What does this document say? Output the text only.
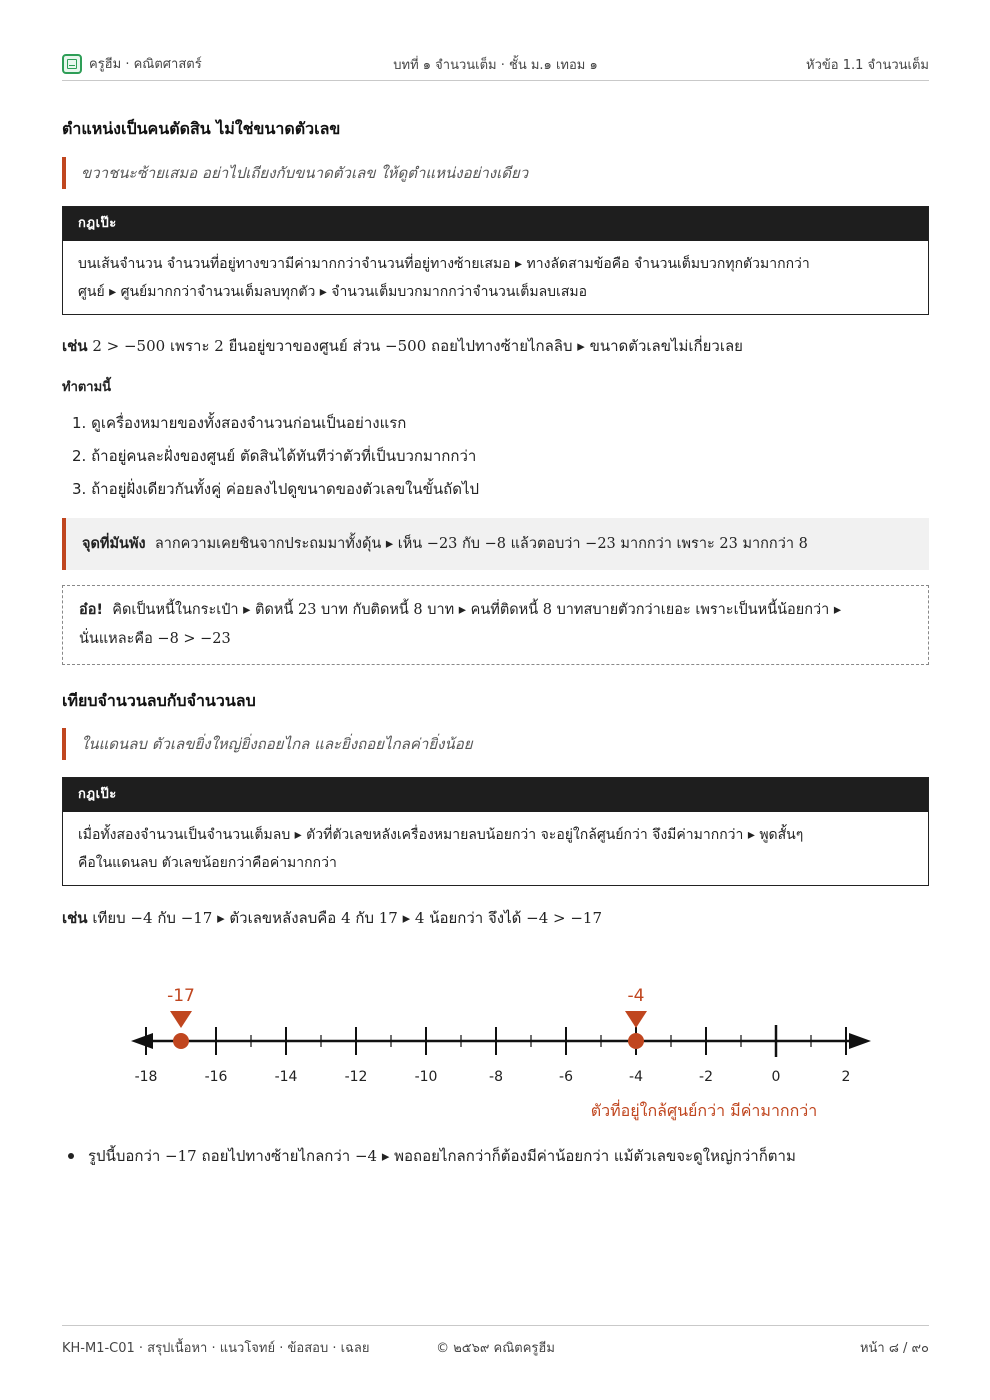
ครูฮีม · คณิตศาสตร์	บทที่ ๑ จำนวนเต็ม · ชั้น ม.๑ เทอม ๑	หัวข้อ 1.1 จำนวนเต็ม
ตำแหน่งเป็นคนตัดสิน ไม่ใช่ขนาดตัวเลข
ขวาชนะซ้ายเสมอ อย่าไปเถียงกับขนาดตัวเลข ให้ดูตำแหน่งอย่างเดียว
กฎเป๊ะ
บนเส้นจำนวน จำนวนที่อยู่ทางขวามีค่ามากกว่าจำนวนที่อยู่ทางซ้ายเสมอ ▸ ทางลัดสามข้อคือ จำนวนเต็มบวกทุกตัวมากกว่า
ศูนย์ ▸ ศูนย์มากกว่าจำนวนเต็มลบทุกตัว ▸ จำนวนเต็มบวกมากกว่าจำนวนเต็มลบเสมอ
เช่น 2 > −500 เพราะ 2 ยืนอยู่ขวาของศูนย์ ส่วน −500 ถอยไปทางซ้ายไกลลิบ ▸ ขนาดตัวเลขไม่เกี่ยวเลย
ทำตามนี้
1. ดูเครื่องหมายของทั้งสองจำนวนก่อนเป็นอย่างแรก
2. ถ้าอยู่คนละฝั่งของศูนย์ ตัดสินได้ทันทีว่าตัวที่เป็นบวกมากกว่า
3. ถ้าอยู่ฝั่งเดียวกันทั้งคู่ ค่อยลงไปดูขนาดของตัวเลขในขั้นถัดไป
จุดที่มันพัง ลากความเคยชินจากประถมมาทั้งดุ้น ▸ เห็น −23 กับ −8 แล้วตอบว่า −23 มากกว่า เพราะ 23 มากกว่า 8
อ๋อ! คิดเป็นหนี้ในกระเป๋า ▸ ติดหนี้ 23 บาท กับติดหนี้ 8 บาท ▸ คนที่ติดหนี้ 8 บาทสบายตัวกว่าเยอะ เพราะเป็นหนี้น้อยกว่า ▸
นั่นแหละคือ −8 > −23
เทียบจำนวนลบกับจำนวนลบ
ในแดนลบ ตัวเลขยิ่งใหญ่ยิ่งถอยไกล และยิ่งถอยไกลค่ายิ่งน้อย
กฎเป๊ะ
เมื่อทั้งสองจำนวนเป็นจำนวนเต็มลบ ▸ ตัวที่ตัวเลขหลังเครื่องหมายลบน้อยกว่า จะอยู่ใกล้ศูนย์กว่า จึงมีค่ามากกว่า ▸ พูดสั้นๆ
คือในแดนลบ ตัวเลขน้อยกว่าคือค่ามากกว่า
เช่น เทียบ −4 กับ −17 ▸ ตัวเลขหลังลบคือ 4 กับ 17 ▸ 4 น้อยกว่า จึงได้ −4 > −17
-18	-16	-14	-12	-10	-8	-6	-4	-2	0	2
-17	-4
ตัวที่อยู่ใกล้ศูนย์กว่า มีค่ามากกว่า
รูปนี้บอกว่า −17 ถอยไปทางซ้ายไกลกว่า −4 ▸ พอถอยไกลกว่าก็ต้องมีค่าน้อยกว่า แม้ตัวเลขจะดูใหญ่กว่าก็ตาม
KH-M1-C01 · สรุปเนื้อหา · แนวโจทย์ · ข้อสอบ · เฉลย	© ๒๕๖๙ คณิตครูฮีม	หน้า ๘ / ๙๐
